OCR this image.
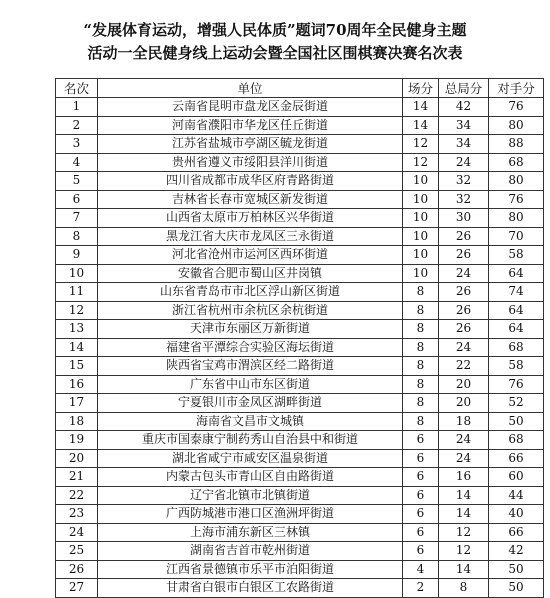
“发展体育运动，增强人民体质”题词70周年全民健身主题
活动一全民健身线上运动会暨全国社区围棋赛决赛名次表
名次	单位	场分	总局分	对手分
1	云南省昆明市盘龙区金辰街道	14	42	76
2	河南省濮阳市华龙区任丘街道	14	34	80
3	江苏省盐城市亭湖区毓龙街道	12	34	88
4	贵州省遵义市绥阳县洋川街道	12	24	68
5	四川省成都市成华区府青路街道	10	32	80
6	吉林省长春市宽城区新发街道	10	32	76
7	山西省太原市万柏林区兴华街道	10	30	80
8	黑龙江省大庆市龙凤区三永街道	10	26	70
9	河北省沧州市运河区西环街道	10	26	58
10	安徽省合肥市蜀山区井岗镇	10	24	64
11	山东省青岛市市北区浮山新区街道	8	26	74
12	浙江省杭州市余杭区余杭街道	8	26	64
13	天津市东丽区万新街道	8	26	64
14	福建省平潭综合实验区海坛街道	8	24	68
15	陕西省宝鸡市渭滨区经二路街道	8	22	58
16	广东省中山市东区街道	8	20	76
17	宁夏银川市金凤区湖畔街道	8	20	52
18	海南省文昌市文城镇	8	18	50
19	重庆市国泰康宁制药秀山自治县中和街道	6	24	68
20	湖北省咸宁市咸安区温泉街道	6	24	66
21	内蒙古包头市青山区自由路街道	6	16	60
22	辽宁省北镇市北镇街道	6	14	44
23	广西防城港市港口区渔洲坪街道	6	14	40
24	上海市浦东新区三林镇	6	12	66
25	湖南省吉首市乾州街道	6	12	42
26	江西省景德镇市乐平市泊阳街道	4	14	50
27	甘肃省白银市白银区工农路街道	2	8	50
